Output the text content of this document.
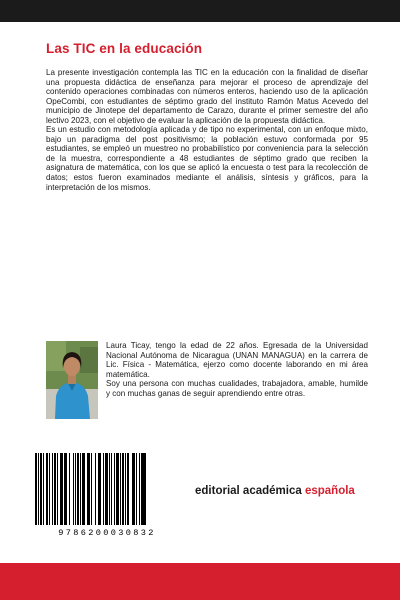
Las TIC en la educación

La presente investigación contempla las TIC en la educación con la finalidad de diseñar una propuesta didáctica de enseñanza para mejorar el proceso de aprendizaje del contenido operaciones combinadas con números enteros, haciendo uso de la aplicación OpeCombi, con estudiantes de séptimo grado del instituto Ramón Matus Acevedo del municipio de Jinotepe del departamento de Carazo, durante el primer semestre del año lectivo 2023, con el objetivo de evaluar la aplicación de la propuesta didáctica.

Es un estudio con metodología aplicada y de tipo no experimental, con un enfoque mixto, bajo un paradigma del post positivismo; la población estuvo conformada por 95 estudiantes, se empleó un muestreo no probabilístico por conveniencia para la selección de la muestra, correspondiente a 48 estudiantes de séptimo grado que reciben la asignatura de matemática, con los que se aplicó la encuesta o test para la recolección de datos; estos fueron examinados mediante el análisis, síntesis y gráficos, para la interpretación de los mismos.

Laura Ticay, tengo la edad de 22 años. Egresada de la Universidad Nacional Autónoma de Nicaragua (UNAN MANAGUA) en la carrera de Lic. Física - Matemática, ejerzo como docente laborando en mi área matemática.

Soy una persona con muchas cualidades, trabajadora, amable, humilde y con muchas ganas de seguir aprendiendo entre otras.

9786200030832
editorial académica española
